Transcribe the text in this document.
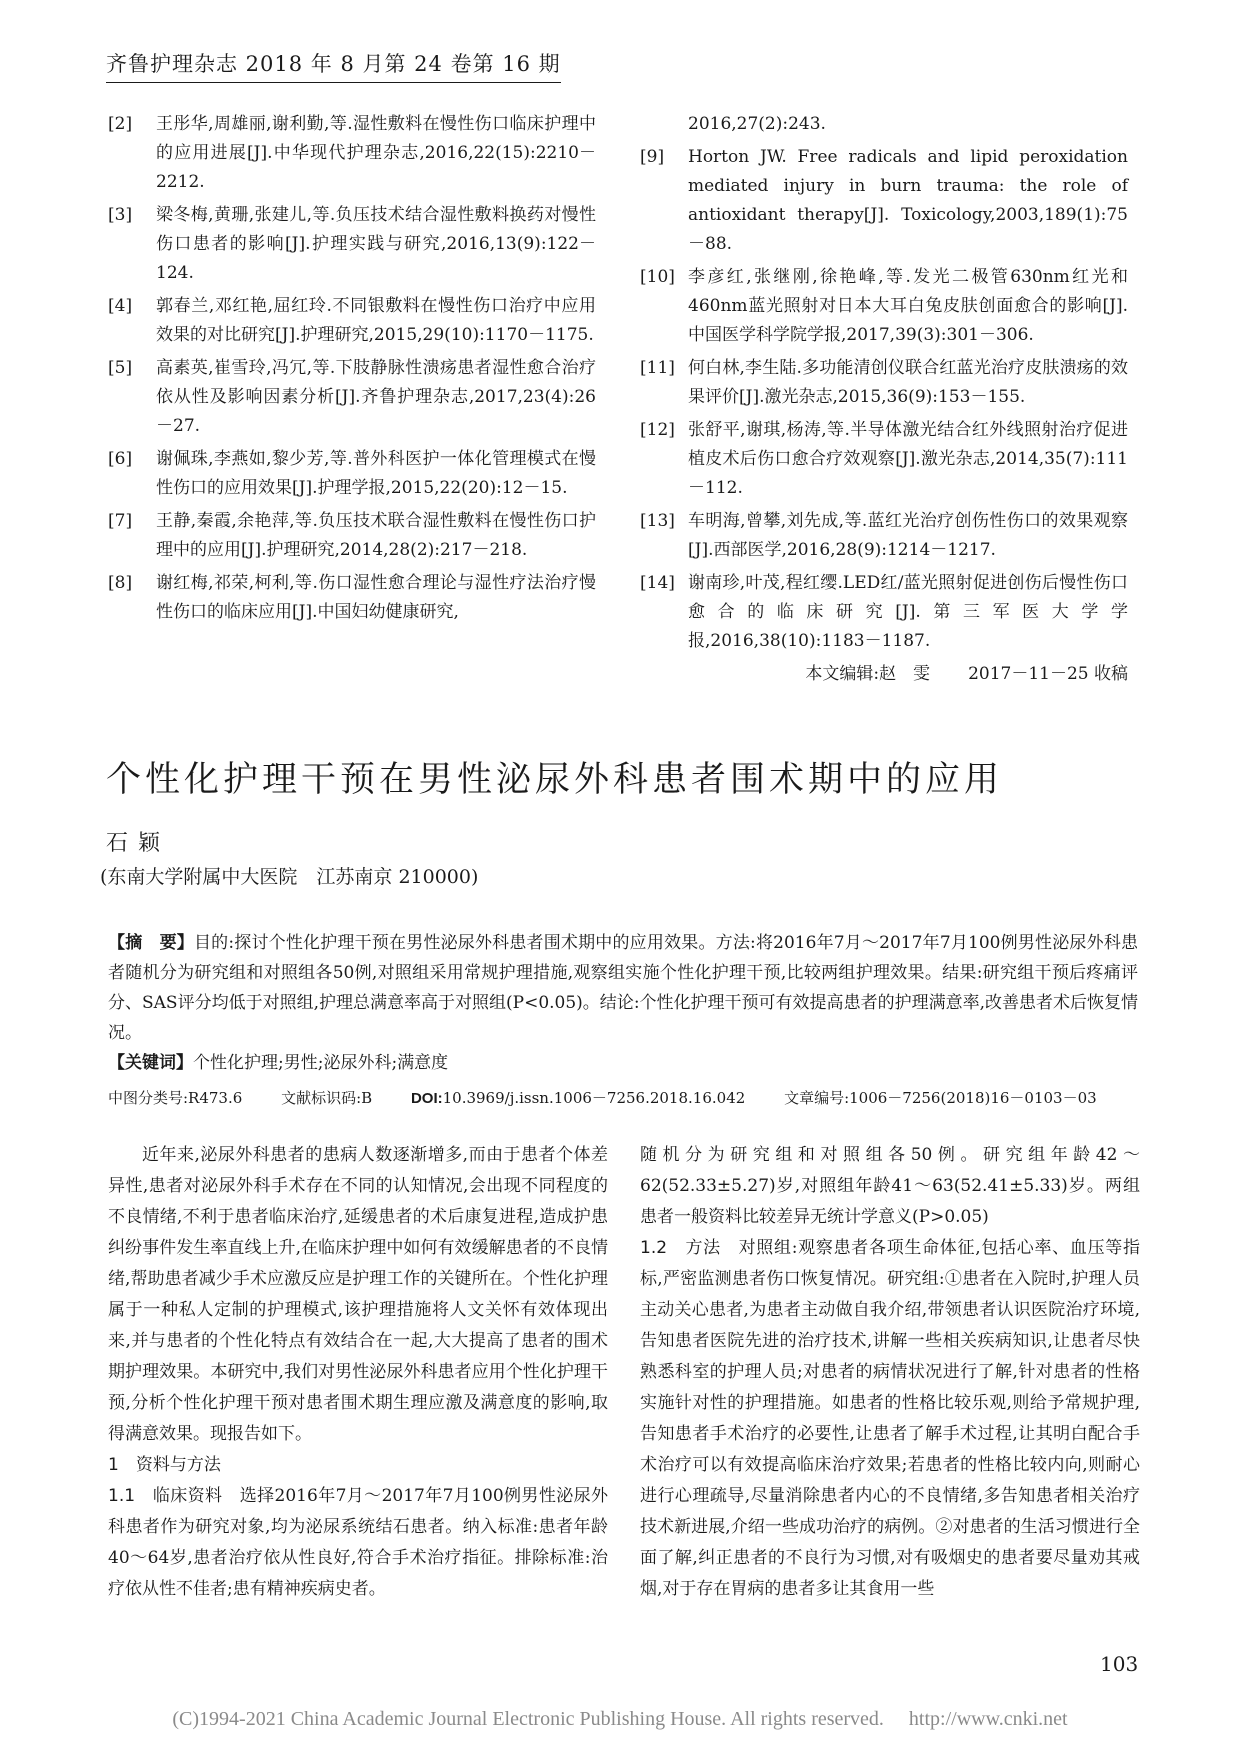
齐鲁护理杂志 2018 年 8 月第 24 卷第 16 期
[2]	王彤华,周雄丽,谢利勤,等.湿性敷料在慢性伤口临床护理中的应用进展[J].中华现代护理杂志,2016,22(15):2210－2212.
[3]	梁冬梅,黄珊,张建儿,等.负压技术结合湿性敷料换药对慢性伤口患者的影响[J].护理实践与研究,2016,13(9):122－124.
[4]	郭春兰,邓红艳,屈红玲.不同银敷料在慢性伤口治疗中应用效果的对比研究[J].护理研究,2015,29(10):1170－1175.
[5]	高素英,崔雪玲,冯冗,等.下肢静脉性溃疡患者湿性愈合治疗依从性及影响因素分析[J].齐鲁护理杂志,2017,23(4):26－27.
[6]	谢佩珠,李燕如,黎少芳,等.普外科医护一体化管理模式在慢性伤口的应用效果[J].护理学报,2015,22(20):12－15.
[7]	王静,秦霞,余艳萍,等.负压技术联合湿性敷料在慢性伤口护理中的应用[J].护理研究,2014,28(2):217－218.
[8]	谢红梅,祁荣,柯利,等.伤口湿性愈合理论与湿性疗法治疗慢性伤口的临床应用[J].中国妇幼健康研究,
2016,27(2):243.
[9]	Horton JW. Free radicals and lipid peroxidation mediated injury in burn trauma: the role of antioxidant therapy[J]. Toxicology,2003,189(1):75－88.
[10] 李彦红,张继刚,徐艳峰,等.发光二极管630nm红光和460nm蓝光照射对日本大耳白兔皮肤创面愈合的影响[J].中国医学科学院学报,2017,39(3):301－306.
[11] 何白林,李生陆.多功能清创仪联合红蓝光治疗皮肤溃疡的效果评价[J].激光杂志,2015,36(9):153－155.
[12] 张舒平,谢琪,杨涛,等.半导体激光结合红外线照射治疗促进植皮术后伤口愈合疗效观察[J].激光杂志,2014,35(7):111－112.
[13] 车明海,曾攀,刘先成,等.蓝红光治疗创伤性伤口的效果观察[J].西部医学,2016,28(9):1214－1217.
[14] 谢南珍,叶茂,程红缨.LED红/蓝光照射促进创伤后慢性伤口愈合的临床研究[J].第三军医大学学报,2016,38(10):1183－1187.
本文编辑:赵　雯 2017－11－25 收稿
个性化护理干预在男性泌尿外科患者围术期中的应用
石颖
(东南大学附属中大医院　江苏南京 210000)
【摘　要】目的:探讨个性化护理干预在男性泌尿外科患者围术期中的应用效果。方法:将2016年7月～2017年7月100例男性泌尿外科患者随机分为研究组和对照组各50例,对照组采用常规护理措施,观察组实施个性化护理干预,比较两组护理效果。结果:研究组干预后疼痛评分、SAS评分均低于对照组,护理总满意率高于对照组(P<0.05)。结论:个性化护理干预可有效提高患者的护理满意率,改善患者术后恢复情况。
【关键词】个性化护理;男性;泌尿外科;满意度
中图分类号:R473.6	文献标识码:B	DOI:10.3969/j.issn.1006－7256.2018.16.042	文章编号:1006－7256(2018)16－0103－03

近年来,泌尿外科患者的患病人数逐渐增多,而由于患者个体差异性,患者对泌尿外科手术存在不同的认知情况,会出现不同程度的不良情绪,不利于患者临床治疗,延缓患者的术后康复进程,造成护患纠纷事件发生率直线上升,在临床护理中如何有效缓解患者的不良情绪,帮助患者减少手术应激反应是护理工作的关键所在。个性化护理属于一种私人定制的护理模式,该护理措施将人文关怀有效体现出来,并与患者的个性化特点有效结合在一起,大大提高了患者的围术期护理效果。本研究中,我们对男性泌尿外科患者应用个性化护理干预,分析个性化护理干预对患者围术期生理应激及满意度的影响,取得满意效果。现报告如下。

1　资料与方法

1.1　临床资料　 选择2016年7月～2017年7月100例男性泌尿外科患者作为研究对象,均为泌尿系统结石患者。纳入标准:患者年龄40～64岁,患者治疗依从性良好,符合手术治疗指征。排除标准:治疗依从性不佳者;患有精神疾病史者。

随机分为研究组和对照组各50例。研究组年龄42～62(52.33±5.27)岁,对照组年龄41～63(52.41±5.33)岁。两组患者一般资料比较差异无统计学意义(P>0.05)

1.2　方法　 对照组:观察患者各项生命体征,包括心率、血压等指标,严密监测患者伤口恢复情况。研究组:①患者在入院时,护理人员主动关心患者,为患者主动做自我介绍,带领患者认识医院治疗环境,告知患者医院先进的治疗技术,讲解一些相关疾病知识,让患者尽快熟悉科室的护理人员;对患者的病情状况进行了解,针对患者的性格实施针对性的护理措施。如患者的性格比较乐观,则给予常规护理,告知患者手术治疗的必要性,让患者了解手术过程,让其明白配合手术治疗可以有效提高临床治疗效果;若患者的性格比较内向,则耐心进行心理疏导,尽量消除患者内心的不良情绪,多告知患者相关治疗技术新进展,介绍一些成功治疗的病例。②对患者的生活习惯进行全面了解,纠正患者的不良行为习惯,对有吸烟史的患者要尽量劝其戒烟,对于存在胃病的患者多让其食用一些

103
(C)1994-2021 China Academic Journal Electronic Publishing House. All rights reserved.　 http://www.cnki.net
